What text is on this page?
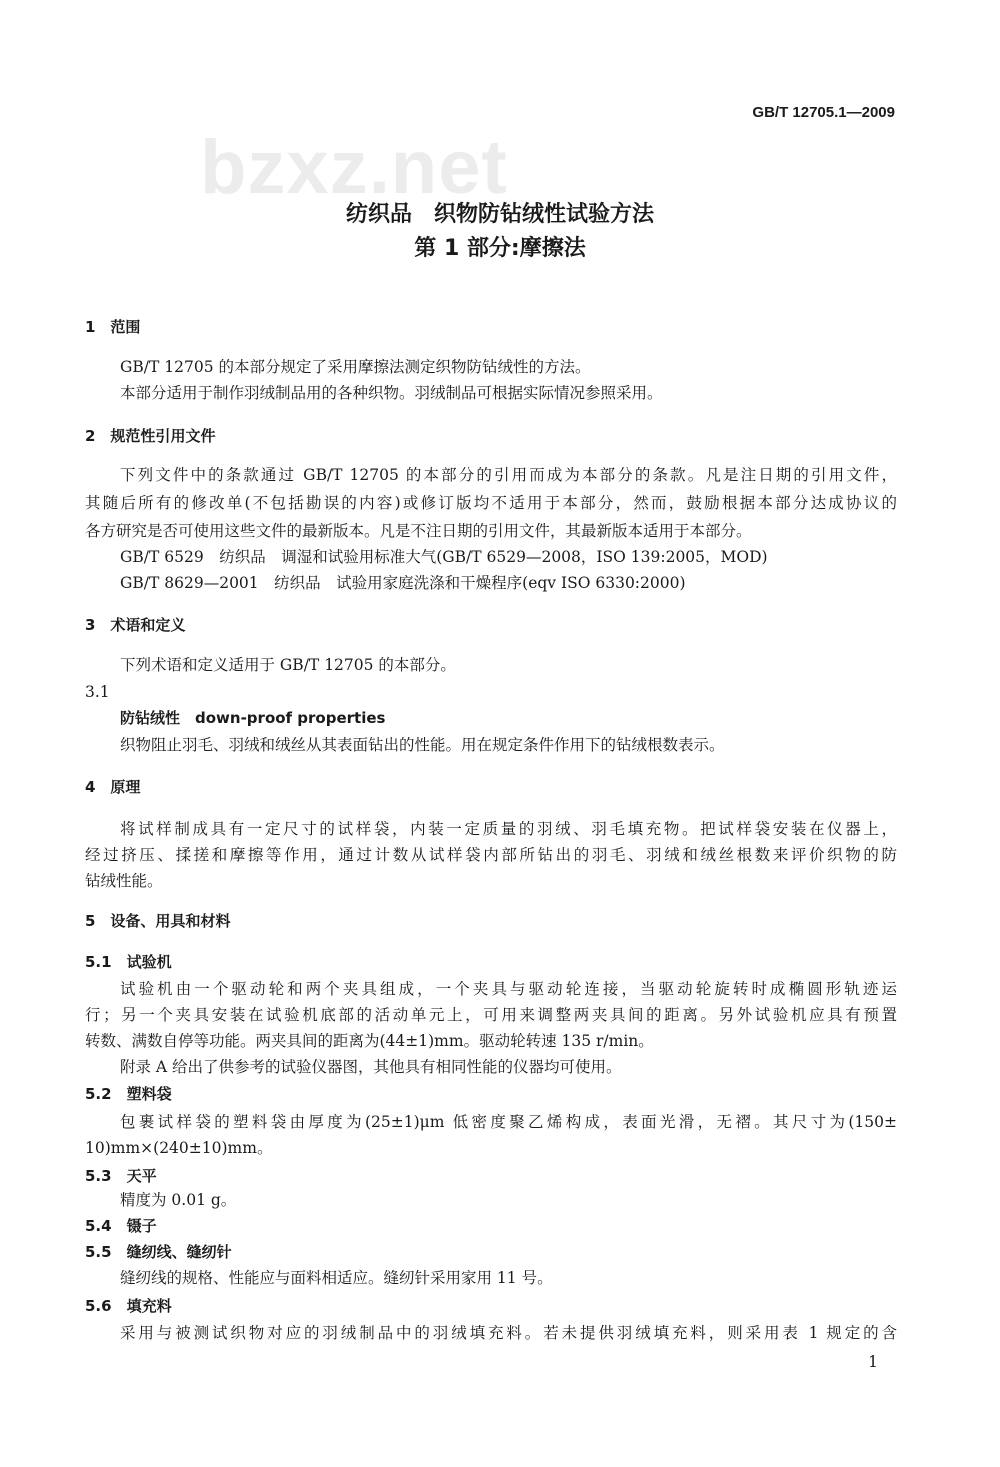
GB/T 12705.1—2009
bzxz.net
纺织品　织物防钻绒性试验方法
第 1 部分:摩擦法
1　范围
GB/T 12705 的本部分规定了采用摩擦法测定织物防钻绒性的方法。
本部分适用于制作羽绒制品用的各种织物。羽绒制品可根据实际情况参照采用。
2　规范性引用文件
下列文件中的条款通过 GB/T 12705 的本部分的引用而成为本部分的条款。凡是注日期的引用文件，
其随后所有的修改单(不包括勘误的内容)或修订版均不适用于本部分，然而，鼓励根据本部分达成协议的
各方研究是否可使用这些文件的最新版本。凡是不注日期的引用文件，其最新版本适用于本部分。
GB/T 6529　纺织品　调湿和试验用标准大气(GB/T 6529—2008，ISO 139:2005，MOD)
GB/T 8629—2001　纺织品　试验用家庭洗涤和干燥程序(eqv ISO 6330:2000)
3　术语和定义
下列术语和定义适用于 GB/T 12705 的本部分。
3.1
防钻绒性　down-proof properties
织物阻止羽毛、羽绒和绒丝从其表面钻出的性能。用在规定条件作用下的钻绒根数表示。
4　原理
将试样制成具有一定尺寸的试样袋，内装一定质量的羽绒、羽毛填充物。把试样袋安装在仪器上，
经过挤压、揉搓和摩擦等作用，通过计数从试样袋内部所钻出的羽毛、羽绒和绒丝根数来评价织物的防
钻绒性能。
5　设备、用具和材料
5.1　试验机
试验机由一个驱动轮和两个夹具组成，一个夹具与驱动轮连接，当驱动轮旋转时成椭圆形轨迹运
行；另一个夹具安装在试验机底部的活动单元上，可用来调整两夹具间的距离。另外试验机应具有预置
转数、满数自停等功能。两夹具间的距离为(44±1)mm。驱动轮转速 135 r/min。
附录 A 给出了供参考的试验仪器图，其他具有相同性能的仪器均可使用。
5.2　塑料袋
包裹试样袋的塑料袋由厚度为(25±1)μm 低密度聚乙烯构成，表面光滑，无褶。其尺寸为(150±
10)mm×(240±10)mm。
5.3　天平
精度为 0.01 g。
5.4　镊子
5.5　缝纫线、缝纫针
缝纫线的规格、性能应与面料相适应。缝纫针采用家用 11 号。
5.6　填充料
采用与被测试织物对应的羽绒制品中的羽绒填充料。若未提供羽绒填充料，则采用表 1 规定的含
1
